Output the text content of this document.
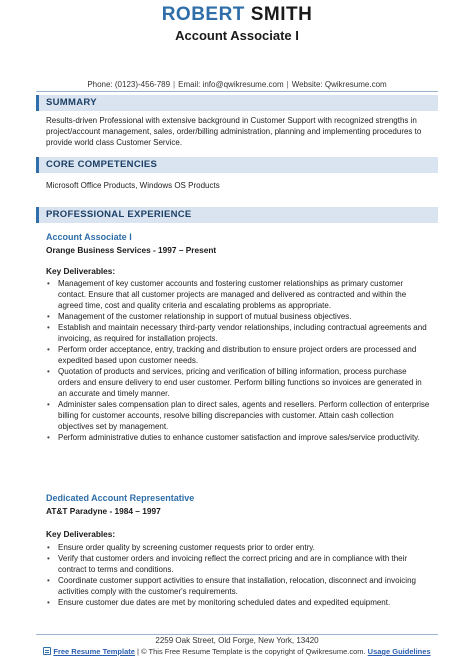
ROBERT SMITH
Account Associate I
Phone: (0123)-456-789 | Email: info@qwikresume.com | Website: Qwikresume.com
SUMMARY
Results-driven Professional with extensive background in Customer Support with recognized strengths in project/account management, sales, order/billing administration, planning and implementing procedures to provide world class Customer Service.
CORE COMPETENCIES
Microsoft Office Products, Windows OS Products
PROFESSIONAL EXPERIENCE
Account Associate I
Orange Business Services - 1997 – Present
Key Deliverables:
• Management of key customer accounts and fostering customer relationships as primary customer contact. Ensure that all customer projects are managed and delivered as contracted and within the agreed time, cost and quality criteria and escalating problems as appropriate.
• Management of the customer relationship in support of mutual business objectives.
• Establish and maintain necessary third-party vendor relationships, including contractual agreements and invoicing, as required for installation projects.
• Perform order acceptance, entry, tracking and distribution to ensure project orders are processed and expedited based upon customer needs.
• Quotation of products and services, pricing and verification of billing information, process purchase orders and ensure delivery to end user customer. Perform billing functions so invoices are generated in an accurate and timely manner.
• Administer sales compensation plan to direct sales, agents and resellers. Perform collection of enterprise billing for customer accounts, resolve billing discrepancies with customer. Attain cash collection objectives set by management.
• Perform administrative duties to enhance customer satisfaction and improve sales/service productivity.
Dedicated Account Representative
AT&T Paradyne - 1984 – 1997
Key Deliverables:
• Ensure order quality by screening customer requests prior to order entry.
• Verify that customer orders and invoicing reflect the correct pricing and are in compliance with their contract to terms and conditions.
• Coordinate customer support activities to ensure that installation, relocation, disconnect and invoicing activities comply with the customer's requirements.
• Ensure customer due dates are met by monitoring scheduled dates and expedited equipment.
2259 Oak Street, Old Forge, New York, 13420
Free Resume Template | © This Free Resume Template is the copyright of Qwikresume.com. Usage Guidelines
